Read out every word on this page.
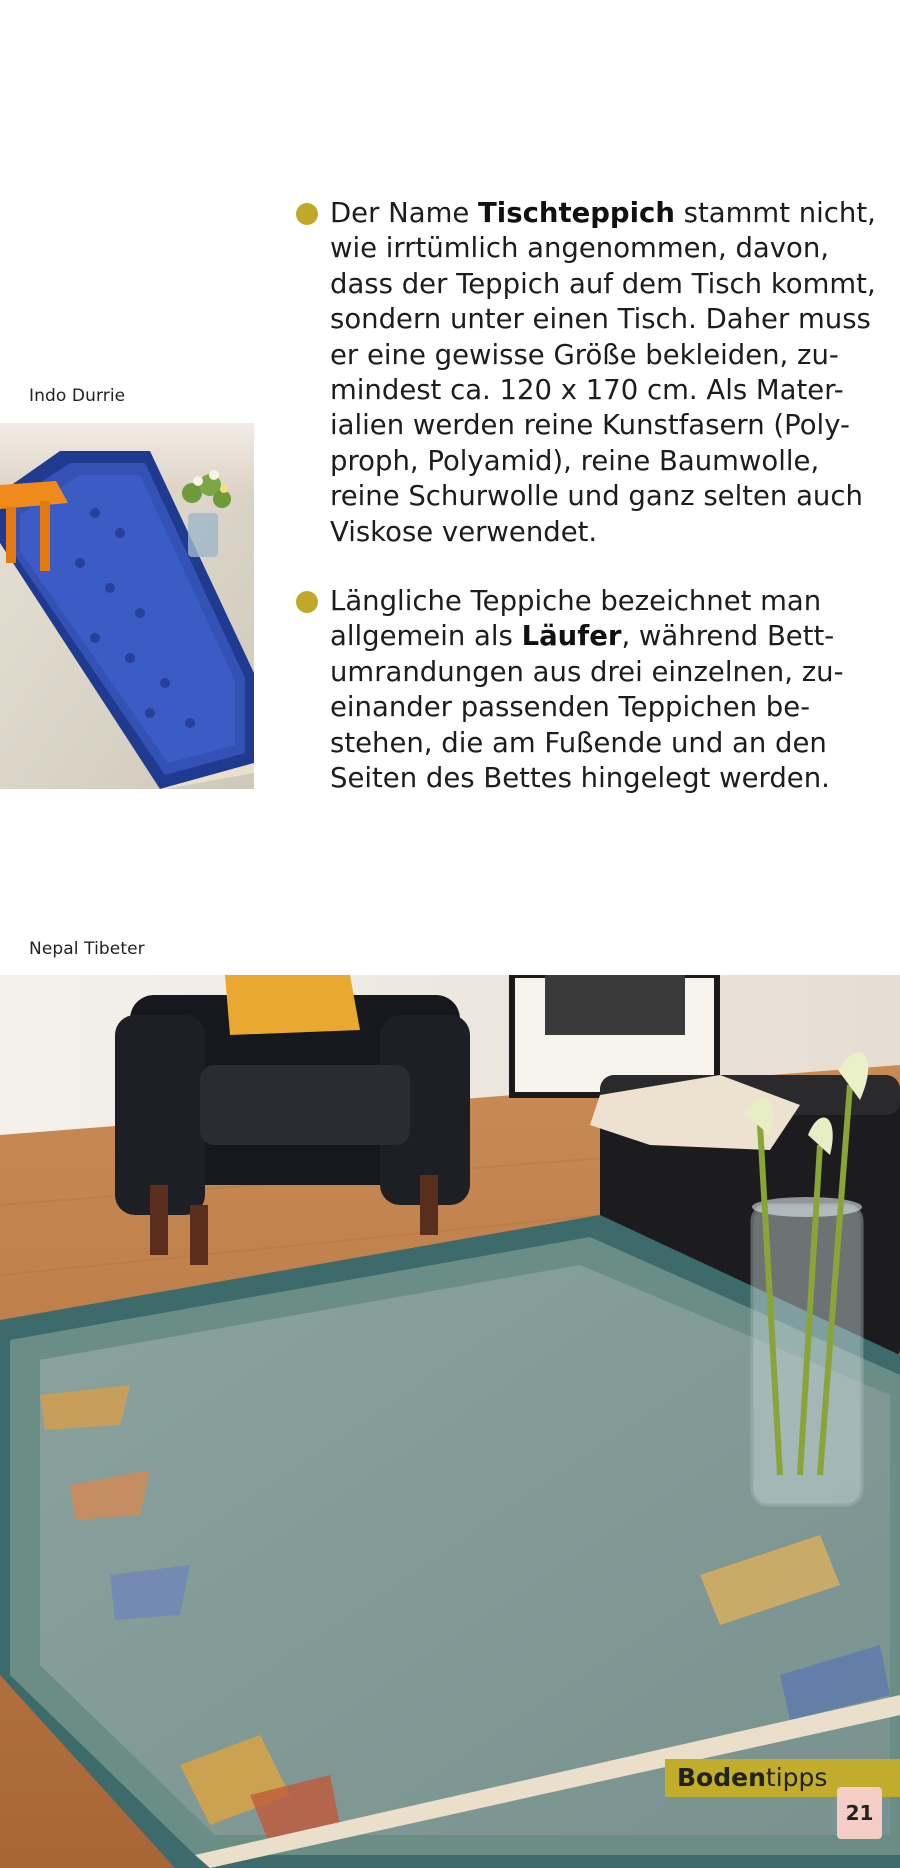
Indo Durrie

Der Name Tischteppich stammt nicht,
wie irrtümlich angenommen, davon,
dass der Teppich auf dem Tisch kommt,
sondern unter einen Tisch. Daher muss
er eine gewisse Größe bekleiden, zu-
mindest ca. 120 x 170 cm. Als Mater-
ialien werden reine Kunstfasern (Poly-
proph, Polyamid), reine Baumwolle,
reine Schurwolle und ganz selten auch
Viskose verwendet.

Längliche Teppiche bezeichnet man
allgemein als Läufer, während Bett-
umrandungen aus drei einzelnen, zu-
einander passenden Teppichen be-
stehen, die am Fußende und an den
Seiten des Bettes hingelegt werden.

Nepal Tibeter
Bodentipps
21
